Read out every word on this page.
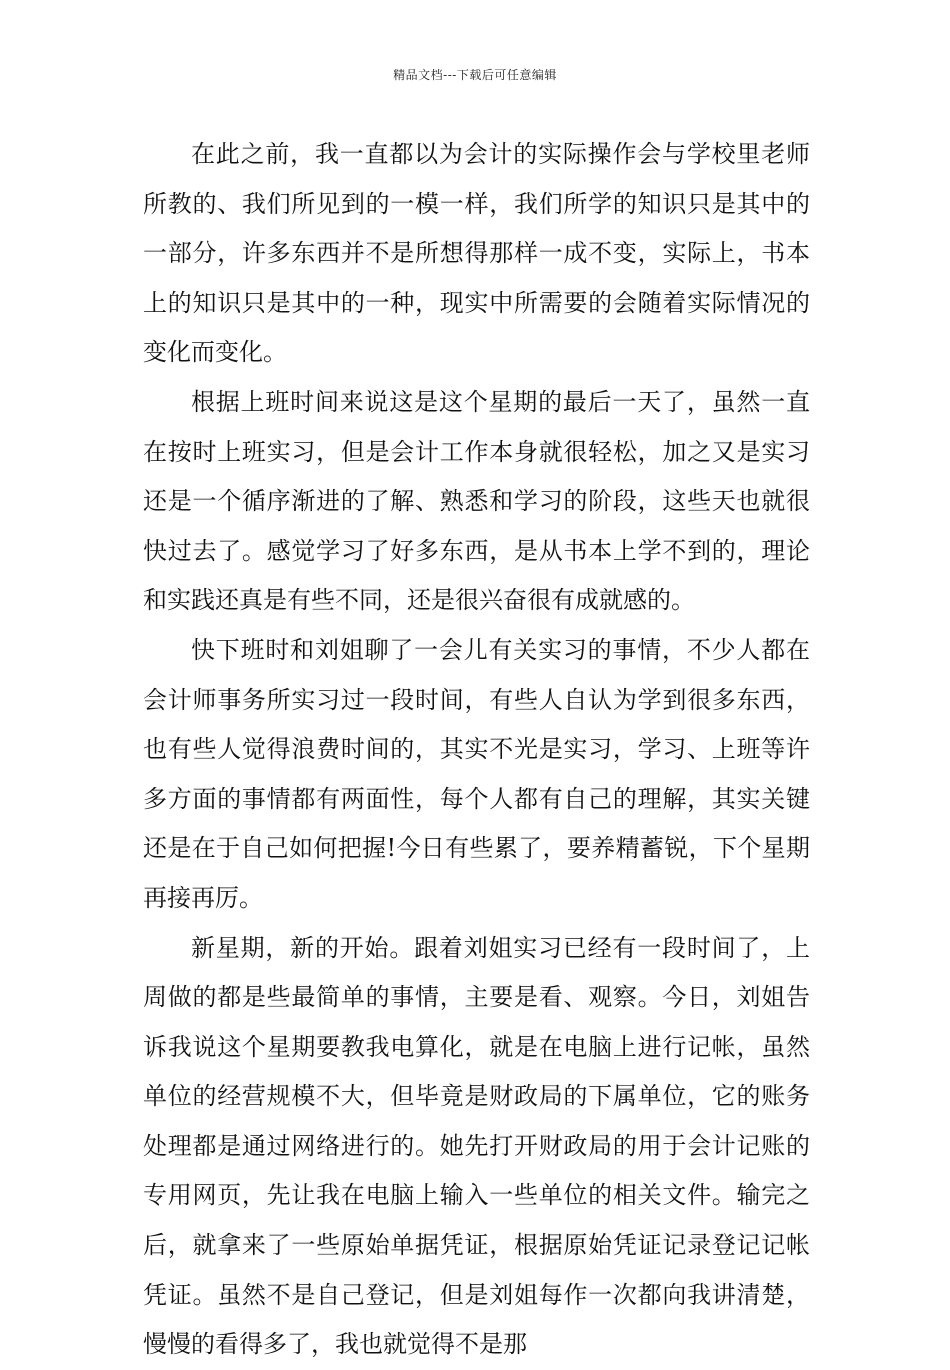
精品文档---下载后可任意编辑

在此之前，我一直都以为会计的实际操作会与学校里老师所教的、我们所见到的一模一样，我们所学的知识只是其中的一部分，许多东西并不是所想得那样一成不变，实际上，书本上的知识只是其中的一种，现实中所需要的会随着实际情况的变化而变化。

根据上班时间来说这是这个星期的最后一天了，虽然一直在按时上班实习，但是会计工作本身就很轻松，加之又是实习还是一个循序渐进的了解、熟悉和学习的阶段，这些天也就很快过去了。感觉学习了好多东西，是从书本上学不到的，理论和实践还真是有些不同，还是很兴奋很有成就感的。

快下班时和刘姐聊了一会儿有关实习的事情，不少人都在会计师事务所实习过一段时间，有些人自认为学到很多东西，也有些人觉得浪费时间的，其实不光是实习，学习、上班等许多方面的事情都有两面性，每个人都有自己的理解，其实关键还是在于自己如何把握!今日有些累了，要养精蓄锐，下个星期再接再厉。

新星期，新的开始。跟着刘姐实习已经有一段时间了，上周做的都是些最简单的事情，主要是看、观察。今日，刘姐告诉我说这个星期要教我电算化，就是在电脑上进行记帐，虽然单位的经营规模不大，但毕竟是财政局的下属单位，它的账务处理都是通过网络进行的。她先打开财政局的用于会计记账的专用网页，先让我在电脑上输入一些单位的相关文件。输完之后，就拿来了一些原始单据凭证，根据原始凭证记录登记记帐凭证。虽然不是自己登记，但是刘姐每作一次都向我讲清楚，慢慢的看得多了，我也就觉得不是那
